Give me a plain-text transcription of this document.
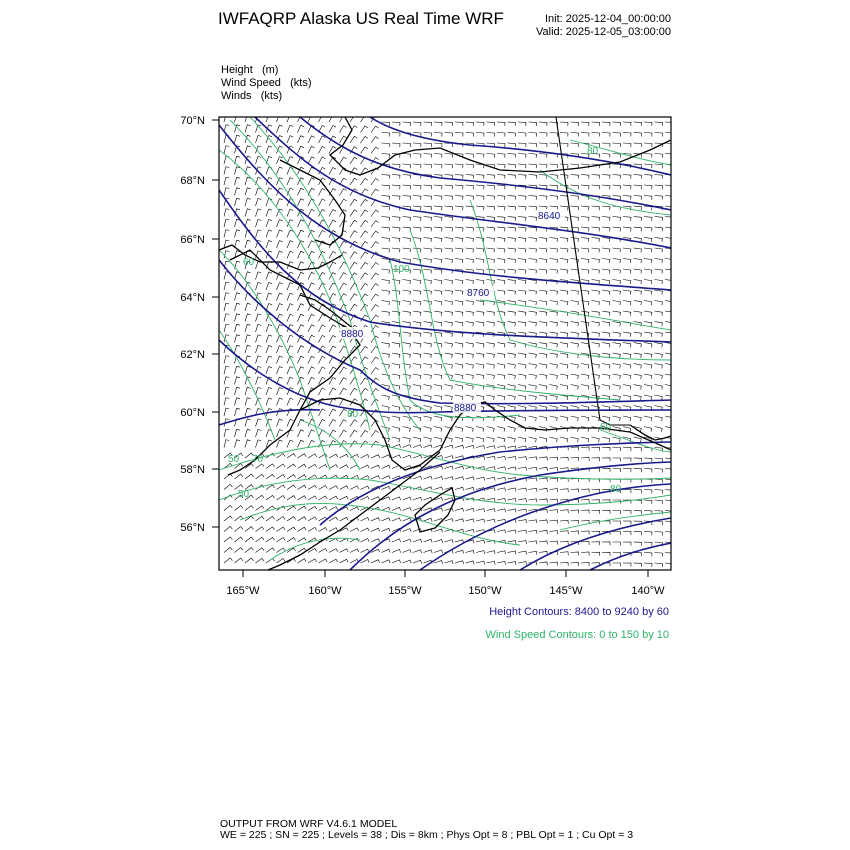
IWFAQRP Alaska US Real Time WRF	Init: 2025-12-04_00:00:00
Valid: 2025-12-05_03:00:00
Height (m)
Wind Speed (kts)
Winds (kts)
70°N
68°N
66°N
64°N
62°N
60°N
58°N
56°N
165°W	160°W	155°W	150°W	145°W	140°W
8640
8760
8880
8880
80
100
60
80
50 70
50
60
80
Height Contours: 8400 to 9240 by 60
Wind Speed Contours: 0 to 150 by 10
OUTPUT FROM WRF V4.6.1 MODEL
WE = 225 ; SN = 225 ; Levels = 38 ; Dis = 8km ; Phys Opt = 8 ; PBL Opt = 1 ; Cu Opt = 3
